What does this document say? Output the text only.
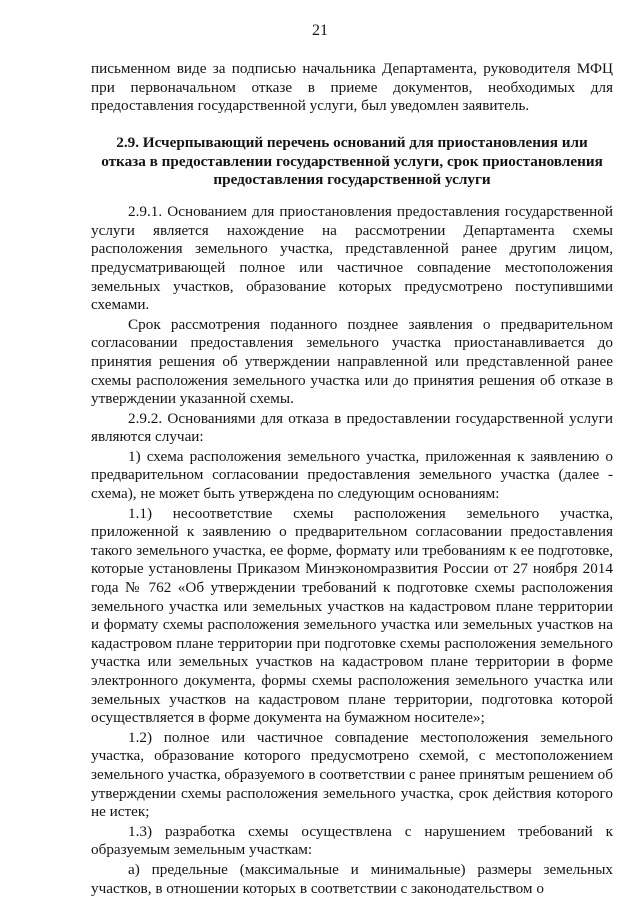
21

письменном виде за подписью начальника Департамента, руководителя МФЦ при первоначальном отказе в приеме документов, необходимых для предоставления государственной услуги, был уведомлен заявитель.

2.9. Исчерпывающий перечень оснований для приостановления или отказа в предоставлении государственной услуги, срок приостановления предоставления государственной услуги

2.9.1. Основанием для приостановления предоставления государственной услуги является нахождение на рассмотрении Департамента схемы расположения земельного участка, представленной ранее другим лицом, предусматривающей полное или частичное совпадение местоположения земельных участков, образование которых предусмотрено поступившими схемами.

Срок рассмотрения поданного позднее заявления о предварительном согласовании предоставления земельного участка приостанавливается до принятия решения об утверждении направленной или представленной ранее схемы расположения земельного участка или до принятия решения об отказе в утверждении указанной схемы.

2.9.2. Основаниями для отказа в предоставлении государственной услуги являются случаи:

1) схема расположения земельного участка, приложенная к заявлению о предварительном согласовании предоставления земельного участка (далее - схема), не может быть утверждена по следующим основаниям:

1.1) несоответствие схемы расположения земельного участка, приложенной к заявлению о предварительном согласовании предоставления такого земельного участка, ее форме, формату или требованиям к ее подготовке, которые установлены Приказом Минэкономразвития России от 27 ноября 2014 года № 762 «Об утверждении требований к подготовке схемы расположения земельного участка или земельных участков на кадастровом плане территории и формату схемы расположения земельного участка или земельных участков на кадастровом плане территории при подготовке схемы расположения земельного участка или земельных участков на кадастровом плане территории в форме электронного документа, формы схемы расположения земельного участка или земельных участков на кадастровом плане территории, подготовка которой осуществляется в форме документа на бумажном носителе»;

1.2) полное или частичное совпадение местоположения земельного участка, образование которого предусмотрено схемой, с местоположением земельного участка, образуемого в соответствии с ранее принятым решением об утверждении схемы расположения земельного участка, срок действия которого не истек;

1.3) разработка схемы осуществлена с нарушением требований к образуемым земельным участкам:

а) предельные (максимальные и минимальные) размеры земельных участков, в отношении которых в соответствии с законодательством о
